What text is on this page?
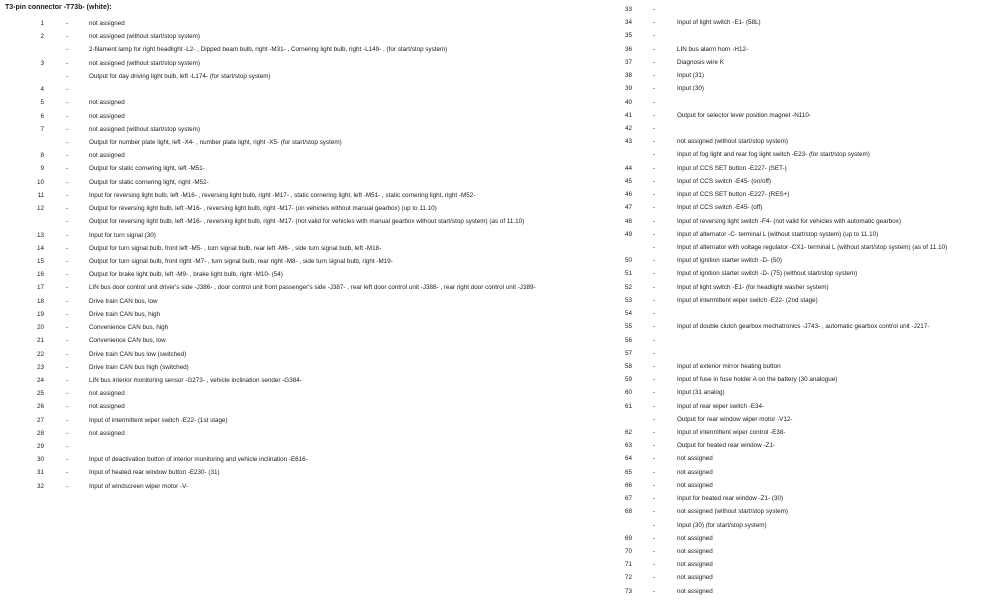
T3-pin connector -T73b- (white):
1	-	not assigned
2	-	not assigned (without start/stop system)
-	2-filament lamp for right headlight -L2- , Dipped beam bulb, right -M31- , Cornering light bulb, right -L149- , (for start/stop system)
3	-	not assigned (without start/stop system)
-	Output for day driving light bulb, left -L174- (for start/stop system)
4	-
5	-	not assigned
6	-	not assigned
7	-	not assigned (without start/stop system)
-	Output for number plate light, left -X4- , number plate light, right -X5- (for start/stop system)
8	-	not assigned
9	-	Output for static cornering light, left -M51-
10	-	Output for static cornering light, right -M52-
11	-	Input for reversing light bulb, left -M16- , reversing light bulb, right -M17- , static cornering light, left -M51- , static cornering light, right -M52-
12	-	Output for reversing light bulb, left -M16- , reversing light bulb, right -M17- (on vehicles without manual gearbox) (up to 11.10)
-	Output for reversing light bulb, left -M16- , reversing light bulb, right -M17- (not valid for vehicles with manual gearbox without start/stop system) (as of 11.10)
13	-	Input for turn signal (30)
14	-	Output for turn signal bulb, front left -M5- , turn signal bulb, rear left -M6- , side turn signal bulb, left -M18-
15	-	Output for turn signal bulb, front right -M7- , turn signal bulb, rear right -M8- , side turn signal bulb, right -M19-
16	-	Output for brake light bulb, left -M9- , brake light bulb, right -M10- (54)
17	-	LIN bus door control unit driver's side -J386- , door control unit front passenger's side -J387- , rear left door control unit -J388- , rear right door control unit -J389-
18	-	Drive train CAN bus, low
19	-	Drive train CAN bus, high
20	-	Convenience CAN bus, high
21	-	Convenience CAN bus, low
22	-	Drive train CAN bus low (switched)
23	-	Drive train CAN bus high (switched)
24	-	LIN bus interior monitoring sensor -G273- , vehicle inclination sender -G384-
25	-	not assigned
26	-	not assigned
27	-	Input of intermittent wiper switch -E22- (1st stage)
28	-	not assigned
29	-
30	-	Input of deactivation button of interior monitoring and vehicle inclination -E616-
31	-	Input of heated rear window button -E230- (31)
32	-	Input of windscreen wiper motor -V-
33	-
34	-	Input of light switch -E1- (58L)
35	-
36	-	LIN bus alarm horn -H12-
37	-	Diagnosis wire K
38	-	Input (31)
39	-	Input (30)
40	-
41	-	Output for selector lever position magnet -N110-
42	-
43	-	not assigned (without start/stop system)
-	Input of fog light and rear fog light switch -E23- (for start/stop system)
44	-	Input of CCS SET button -E227- (SET-)
45	-	Input of CCS switch -E45- (on/off)
46	-	Input of CCS SET button -E227- (RES+)
47	-	Input of CCS switch -E45- (off)
48	-	Input of reversing light switch -F4- (not valid for vehicles with automatic gearbox)
49	-	Input of alternator -C- terminal L (without start/stop system) (up to 11.10)
-	Input of alternator with voltage regulator -CX1- terminal L (without start/stop system) (as of 11.10)
50	-	Input of ignition starter switch -D- (50)
51	-	Input of ignition starter switch -D- (75) (without start/stop system)
52	-	Input of light switch -E1- (for headlight washer system)
53	-	Input of intermittent wiper switch -E22- (2nd stage)
54	-
55	-	Input of double clutch gearbox mechatronics -J743- , automatic gearbox control unit -J217-
56	-
57	-
58	-	Input of exterior mirror heating button
59	-	Input of fuse in fuse holder A on the battery (30 analogue)
60	-	Input (31 analog)
61	-	Input of rear wiper switch -E34-
-	Output for rear window wiper motor -V12-
62	-	Input of intermittent wiper control -E38-
63	-	Output for heated rear window -Z1-
64	-	not assigned
65	-	not assigned
66	-	not assigned
67	-	Input for heated rear window -Z1- (30)
68	-	not assigned (without start/stop system)
-	Input (30) (for start/stop system)
69	-	not assigned
70	-	not assigned
71	-	not assigned
72	-	not assigned
73	-	not assigned
